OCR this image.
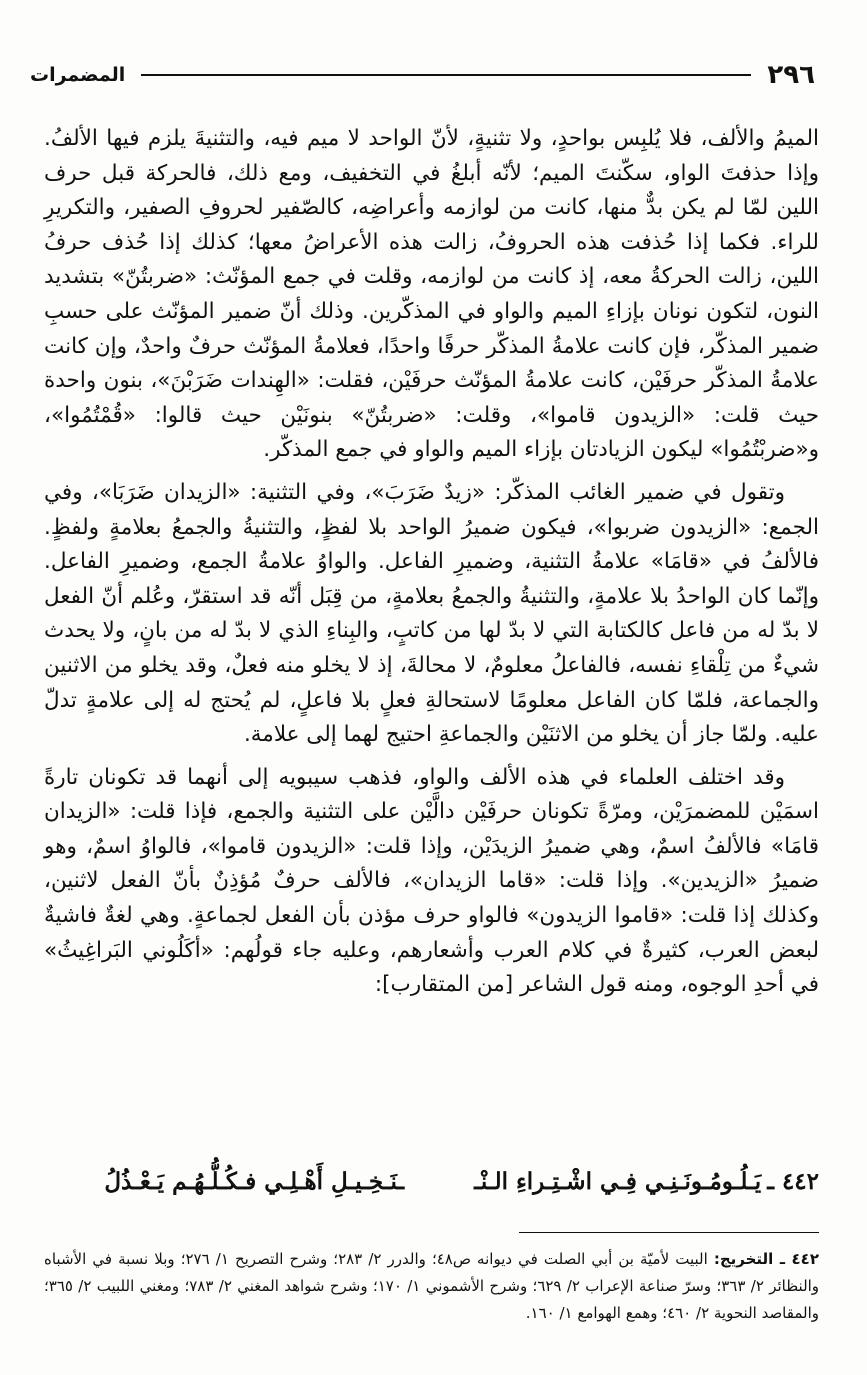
٢٩٦
المضمرات

الميمُ والألف، فلا يُلبِس بواحدٍ، ولا تثنيةٍ، لأنّ الواحد لا ميم فيه، والتثنيةَ يلزم فيها الألفُ. وإذا حذفتَ الواو، سكّنتَ الميم؛ لأنّه أبلغُ في التخفيف، ومع ذلك، فالحركة قبل حرف اللين لمّا لم يكن بدٌّ منها، كانت من لوازمه وأعراضِه، كالصّفير لحروفِ الصفير، والتكريرِ للراء. فكما إذا حُذفت هذه الحروفُ، زالت هذه الأعراضُ معها؛ كذلك إذا حُذف حرفُ اللين، زالت الحركةُ معه، إذ كانت من لوازمه، وقلت في جمع المؤنّث: «ضربتُنّ» بتشديد النون، لتكون نونان بإزاءِ الميم والواو في المذكّرين. وذلك أنّ ضمير المؤنّث على حسبِ ضمير المذكّر، فإن كانت علامةُ المذكّر حرفًا واحدًا، فعلامةُ المؤنّث حرفٌ واحدٌ، وإن كانت علامةُ المذكّر حرفَيْن، كانت علامةُ المؤنّث حرفَيْن، فقلت: «الهِندات ضَرَبْنَ»، بنون واحدة حيث قلت: «الزيدون قاموا»، وقلت: «ضربتُنّ» بنونَيْن حيث قالوا: «قُمْتُمُوا»، و«ضربْتُمُوا» ليكون الزيادتان بإزاء الميم والواو في جمع المذكّر.

وتقول في ضمير الغائب المذكّر: «زيدٌ ضَرَبَ»، وفي التثنية: «الزيدان ضَرَبَا»، وفي الجمع: «الزيدون ضربوا»، فيكون ضميرُ الواحد بلا لفظٍ، والتثنيةُ والجمعُ بعلامةٍ ولفظٍ. فالألفُ في «قامَا» علامةُ التثنية، وضميرِ الفاعل. والواوُ علامةُ الجمع، وضميرِ الفاعل. وإنّما كان الواحدُ بلا علامةٍ، والتثنيةُ والجمعُ بعلامةٍ، من قِبَل أنّه قد استقرّ، وعُلم أنّ الفعل لا بدّ له من فاعل كالكتابة التي لا بدّ لها من كاتبٍ، والبِناءِ الذي لا بدّ له من بانٍ، ولا يحدث شيءٌ من تِلْقاءِ نفسه، فالفاعلُ معلومٌ، لا محالةَ، إذ لا يخلو منه فعلٌ، وقد يخلو من الاثنين والجماعة، فلمّا كان الفاعل معلومًا لاستحالةِ فعلٍ بلا فاعلٍ، لم يُحتج له إلى علامةٍ تدلّ عليه. ولمّا جاز أن يخلو من الاثنَيْن والجماعةِ احتيج لهما إلى علامة.

وقد اختلف العلماء في هذه الألف والواو، فذهب سيبويه إلى أنهما قد تكونان تارةً اسمَيْن للمضمرَيْن، ومرّةً تكونان حرفَيْن دالَّيْن على التثنية والجمع، فإذا قلت: «الزيدان قامَا» فالألفُ اسمٌ، وهي ضميرُ الزيدَيْن، وإذا قلت: «الزيدون قاموا»، فالواوُ اسمٌ، وهو ضميرُ «الزيدين». وإذا قلت: «قاما الزيدان»، فالألف حرفٌ مُؤذِنٌ بأنّ الفعل لاثنين، وكذلك إذا قلت: «قاموا الزيدون» فالواو حرف مؤذن بأن الفعل لجماعةٍ. وهي لغةٌ فاشيةٌ لبعض العرب، كثيرةٌ في كلام العرب وأشعارهم، وعليه جاء قولُهم: «أكَلُوني البَراغِيثُ» في أحدِ الوجوه، ومنه قول الشاعر [من المتقارب]:

٤٤٢ ـ
يَـلُـومُـونَـنِـي فِـي اشْـتِـراءِ الـنْـ
ـنَـخِـيـلِ أَهْـلِـي فـكُـلُّـهُـم يَـعْـذُلُ

٤٤٢ ـ التخريج: البيت لأميّة بن أبي الصلت في ديوانه ص٤٨؛ والدرر ٢/ ٢٨٣؛ وشرح التصريح ١/ ٢٧٦؛ وبلا نسبة في الأشباه والنظائر ٢/ ٣٦٣؛ وسرّ صناعة الإعراب ٢/ ٦٢٩؛ وشرح الأشموني ١/ ١٧٠؛ وشرح شواهد المغني ٢/ ٧٨٣؛ ومغني اللبيب ٢/ ٣٦٥؛ والمقاصد النحوية ٢/ ٤٦٠؛ وهمع الهوامع ١/ ١٦٠.
